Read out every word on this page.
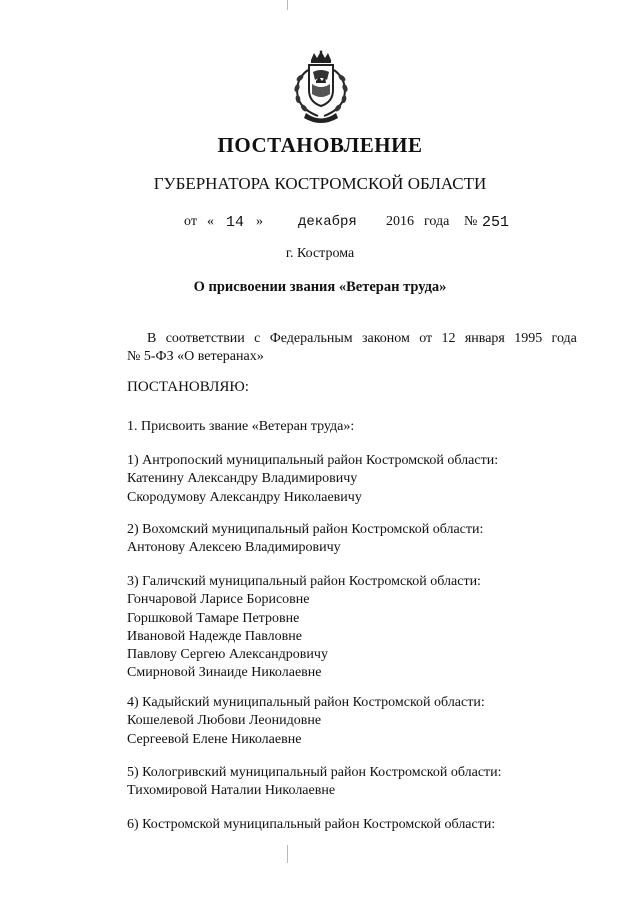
ПОСТАНОВЛЕНИЕ
ГУБЕРНАТОРА КОСТРОМСКОЙ ОБЛАСТИ
от « 14 »	декабря 2016 года № 251
г. Кострома
О присвоении звания «Ветеран труда»
В соответствии с Федеральным законом от 12 января 1995 года
№ 5-ФЗ «О ветеранах»
ПОСТАНОВЛЯЮ:
1. Присвоить звание «Ветеран труда»:
1) Антропоский муниципальный район Костромской области:
Катенину Александру Владимировичу
Скородумову Александру Николаевичу
2) Вохомский муниципальный район Костромской области:
Антонову Алексею Владимировичу
3) Галичский муниципальный район Костромской области:
Гончаровой Ларисе Борисовне
Горшковой Тамаре Петровне
Ивановой Надежде Павловне
Павлову Сергею Александровичу
Смирновой Зинаиде Николаевне
4) Кадыйский муниципальный район Костромской области:
Кошелевой Любови Леонидовне
Сергеевой Елене Николаевне
5) Кологривский муниципальный район Костромской области:
Тихомировой Наталии Николаевне
6) Костромской муниципальный район Костромской области:
